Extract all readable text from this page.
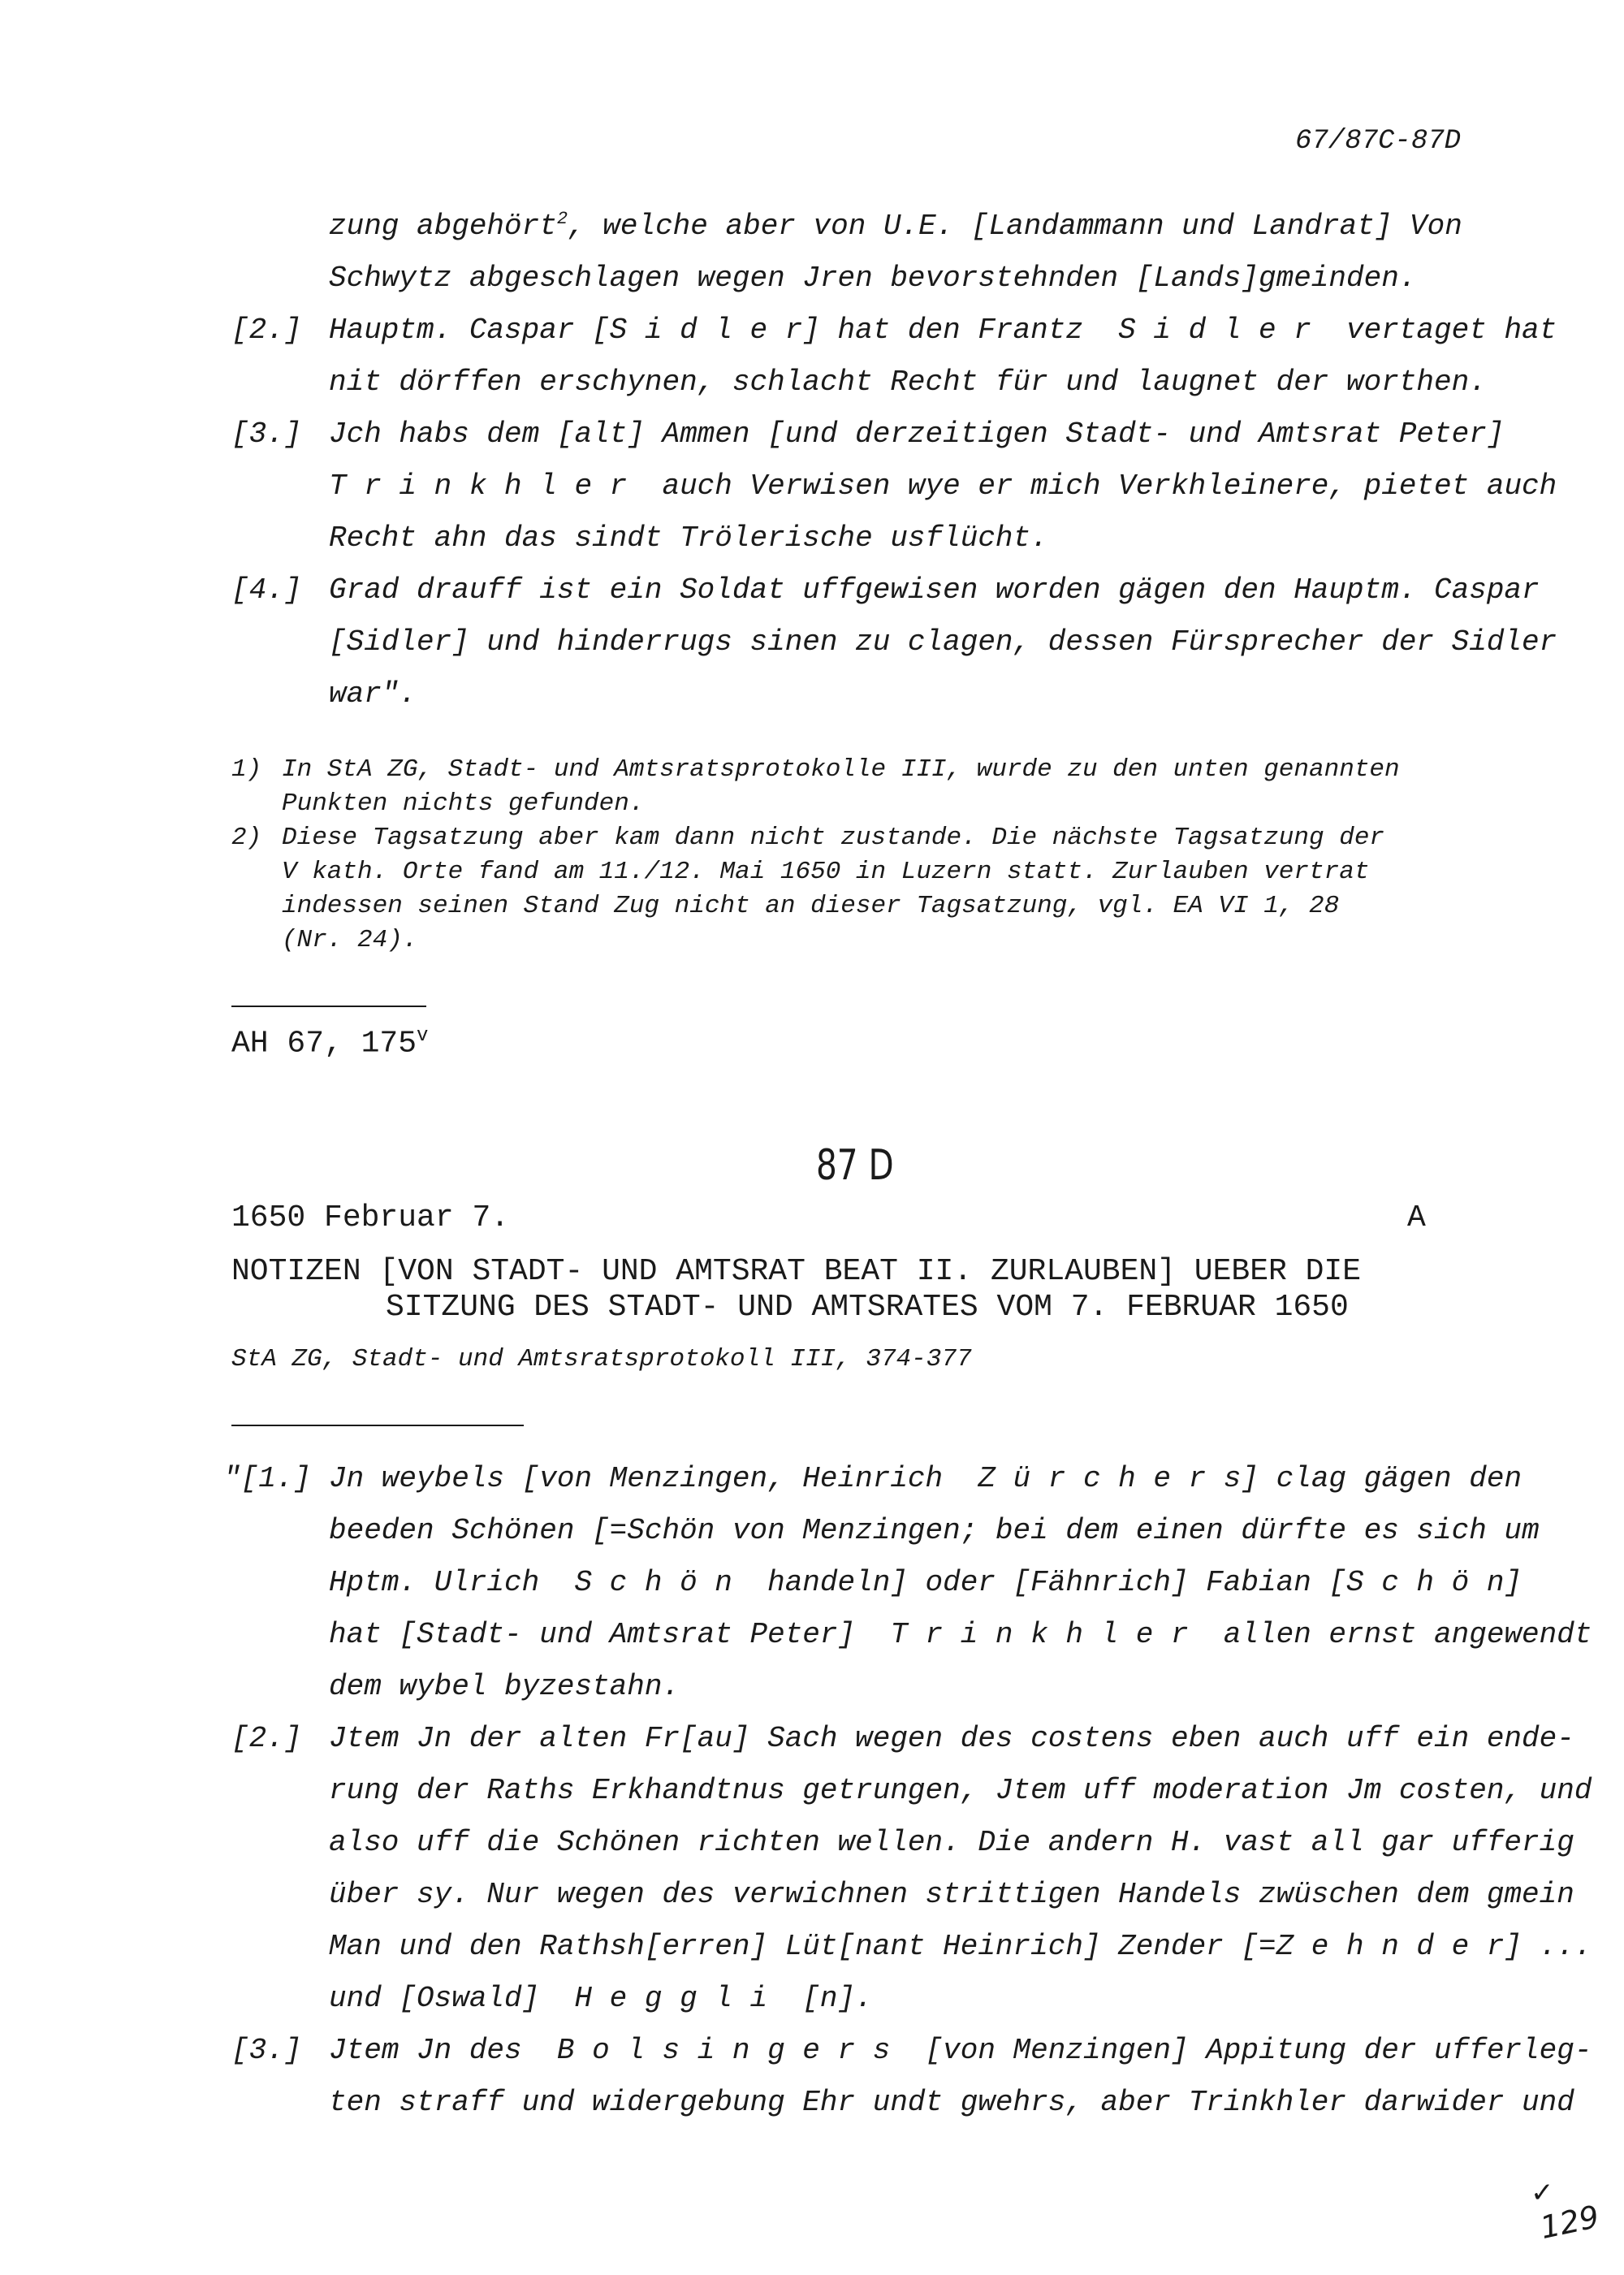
67/87C-87D
zung abgehört$^2$, welche aber von U.E. [Landammann und Landrat] Von
Schwytz abgeschlagen wegen Jren bevorstehnden [Lands]gmeinden.
[2.] Hauptm. Caspar [S i d l e r] hat den Frantz  S i d l e r  vertaget hat
nit dörffen erschynen, schlacht Recht für und laugnet der worthen.
[3.] Jch habs dem [alt] Ammen [und derzeitigen Stadt- und Amtsrat Peter]
T r i n k h l e r  auch Verwisen wye er mich Verkhleinere, pietet auch
Recht ahn das sindt Trölerische usflücht.
[4.] Grad drauff ist ein Soldat uffgewisen worden gägen den Hauptm. Caspar
[Sidler] und hinderrugs sinen zu clagen, dessen Fürsprecher der Sidler
war".
1) In StA ZG, Stadt- und Amtsratsprotokolle III, wurde zu den unten genannten
Punkten nichts gefunden.
2) Diese Tagsatzung aber kam dann nicht zustande. Die nächste Tagsatzung der
V kath. Orte fand am 11./12. Mai 1650 in Luzern statt. Zurlauben vertrat
indessen seinen Stand Zug nicht an dieser Tagsatzung, vgl. EA VI 1, 28
(Nr. 24).
AH 67, 175$^v$
87 D
1650 Februar 7.	A
NOTIZEN [VON STADT- UND AMTSRAT BEAT II. ZURLAUBEN] UEBER DIE
SITZUNG DES STADT- UND AMTSRATES VOM 7. FEBRUAR 1650
StA ZG, Stadt- und Amtsratsprotokoll III, 374-377
"[1.] Jn weybels [von Menzingen, Heinrich  Z ü r c h e r s] clag gägen den
beeden Schönen [=Schön von Menzingen; bei dem einen dürfte es sich um
Hptm. Ulrich  S c h ö n  handeln] oder [Fähnrich] Fabian [S c h ö n]
hat [Stadt- und Amtsrat Peter]  T r i n k h l e r  allen ernst angewendt
dem wybel byzestahn.
[2.] Jtem Jn der alten Fr[au] Sach wegen des costens eben auch uff ein ende-
rung der Raths Erkhandtnus getrungen, Jtem uff moderation Jm costen, und
also uff die Schönen richten wellen. Die andern H. vast all gar ufferig
über sy. Nur wegen des verwichnen strittigen Handels zwüschen dem gmein
Man und den Rathsh[erren] Lüt[nant Heinrich] Zender [=Z e h n d e r] ...
und [Oswald]  H e g g l i  [n].
[3.] Jtem Jn des  B o l s i n g e r s  [von Menzingen] Appitung der ufferleg-
ten straff und widergebung Ehr undt gwehrs, aber Trinkhler darwider und
✓
129
